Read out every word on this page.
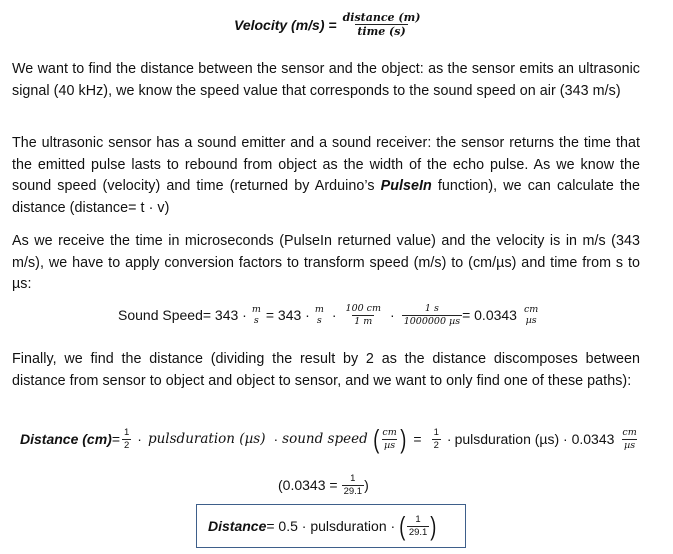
Velocity $(m/s) = \frac{\text{distance (m)}}{\text{time (s)}}$
We want to find the distance between the sensor and the object: as the sensor emits an ultrasonic signal (40 kHz), we know the speed value that corresponds to the sound speed on air (343 m/s)
The ultrasonic sensor has a sound emitter and a sound receiver: the sensor returns the time that the emitted pulse lasts to rebound from object as the width of the echo pulse. As we know the sound speed (velocity) and time (returned by Arduino’s PulseIn function), we can calculate the distance (distance= t · v)
As we receive the time in microseconds (PulseIn returned value) and the velocity is in m/s (343 m/s), we have to apply conversion factors to transform speed (m/s) to (cm/µs) and time from s to µs:
Sound Speed= 343 · m
s = 343 · m
$s \cdot \frac{100 cm}{1 m} \cdot \frac{1 s}{\text{1000000 µs}} = 0.0343$ cm
µs
Finally, we find the distance (dividing the result by 2 as the distance discomposes between distance from sensor to object and object to sensor, and we want to only find one of these paths):
Distance $(cm) = \frac{1}{2}$ · pulsduration (µs) · sound speed ( $\frac{cm}{\text{µs}}$ ) = $\frac{1}{2}$ · pulsduration $(\mu s) \cdot 0.0343 \frac{cm}{\text{µs}}$
($0.0343 = \frac{1}{29.1}$ )
Distance = 0.5 · pulsduration · ( $\frac{1}{29.1}$ )
